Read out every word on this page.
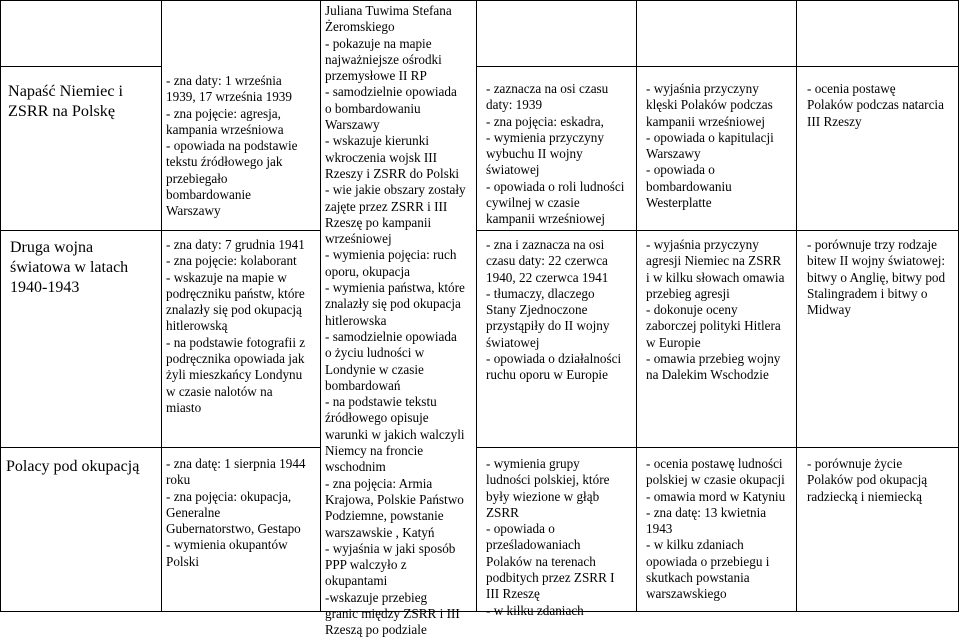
Napaść Niemiec i
ZSRR na Polskę
Druga wojna
światowa w latach
1940-1943
Polacy pod okupacją
- zna daty: 1 września
1939, 17 września 1939
- zna pojęcie: agresja,
kampania wrześniowa
- opowiada na podstawie
tekstu źródłowego jak
przebiegało
bombardowanie
Warszawy
- zna daty: 7 grudnia 1941
- zna pojęcie: kolaborant
- wskazuje na mapie w
podręczniku państw, które
znalazły się pod okupacją
hitlerowską
- na podstawie fotografii z
podręcznika opowiada jak
żyli mieszkańcy Londynu
w czasie nalotów na
miasto
- zna datę: 1 sierpnia 1944
roku
- zna pojęcia: okupacja,
Generalne
Gubernatorstwo, Gestapo
- wymienia okupantów
Polski
Juliana Tuwima Stefana
Żeromskiego
- pokazuje na mapie
najważniejsze ośrodki
przemysłowe II RP
- samodzielnie opowiada
o bombardowaniu
Warszawy
- wskazuje kierunki
wkroczenia wojsk III
Rzeszy i ZSRR do Polski
- wie jakie obszary zostały
zajęte przez ZSRR i III
Rzeszę po kampanii
wrześniowej
- wymienia pojęcia: ruch
oporu, okupacja
- wymienia państwa, które
znalazły się pod okupacja
hitlerowska
- samodzielnie opowiada
o życiu ludności w
Londynie w czasie
bombardowań
- na podstawie tekstu
źródłowego opisuje
warunki w jakich walczyli
Niemcy na froncie
wschodnim
- zna pojęcia: Armia
Krajowa, Polskie Państwo
Podziemne, powstanie
warszawskie , Katyń
- wyjaśnia w jaki sposób
PPP walczyło z
okupantami
-wskazuje przebieg
granic między ZSRR i III
Rzeszą po podziale
- zaznacza na osi czasu
daty: 1939
- zna pojęcia: eskadra,
- wymienia przyczyny
wybuchu II wojny
światowej
- opowiada o roli ludności
cywilnej w czasie
kampanii wrześniowej
- zna i zaznacza na osi
czasu daty: 22 czerwca
1940, 22 czerwca 1941
- tłumaczy, dlaczego
Stany Zjednoczone
przystąpiły do II wojny
światowej
- opowiada o działalności
ruchu oporu w Europie
- wymienia grupy
ludności polskiej, które
były wiezione w głąb
ZSRR
- opowiada o
prześladowaniach
Polaków na terenach
podbitych przez ZSRR I
III Rzeszę
- w kilku zdaniach
- wyjaśnia przyczyny
klęski Polaków podczas
kampanii wrześniowej
- opowiada o kapitulacji
Warszawy
- opowiada o
bombardowaniu
Westerplatte
- wyjaśnia przyczyny
agresji Niemiec na ZSRR
i w kilku słowach omawia
przebieg agresji
- dokonuje oceny
zaborczej polityki Hitlera
w Europie
- omawia przebieg wojny
na Dalekim Wschodzie
- ocenia postawę ludności
polskiej w czasie okupacji
- omawia mord w Katyniu
- zna datę: 13 kwietnia
1943
- w kilku zdaniach
opowiada o przebiegu i
skutkach powstania
warszawskiego
- ocenia postawę
Polaków podczas natarcia
III Rzeszy
- porównuje trzy rodzaje
bitew II wojny światowej:
bitwy o Anglię, bitwy pod
Stalingradem i bitwy o
Midway
- porównuje życie
Polaków pod okupacją
radziecką i niemiecką
